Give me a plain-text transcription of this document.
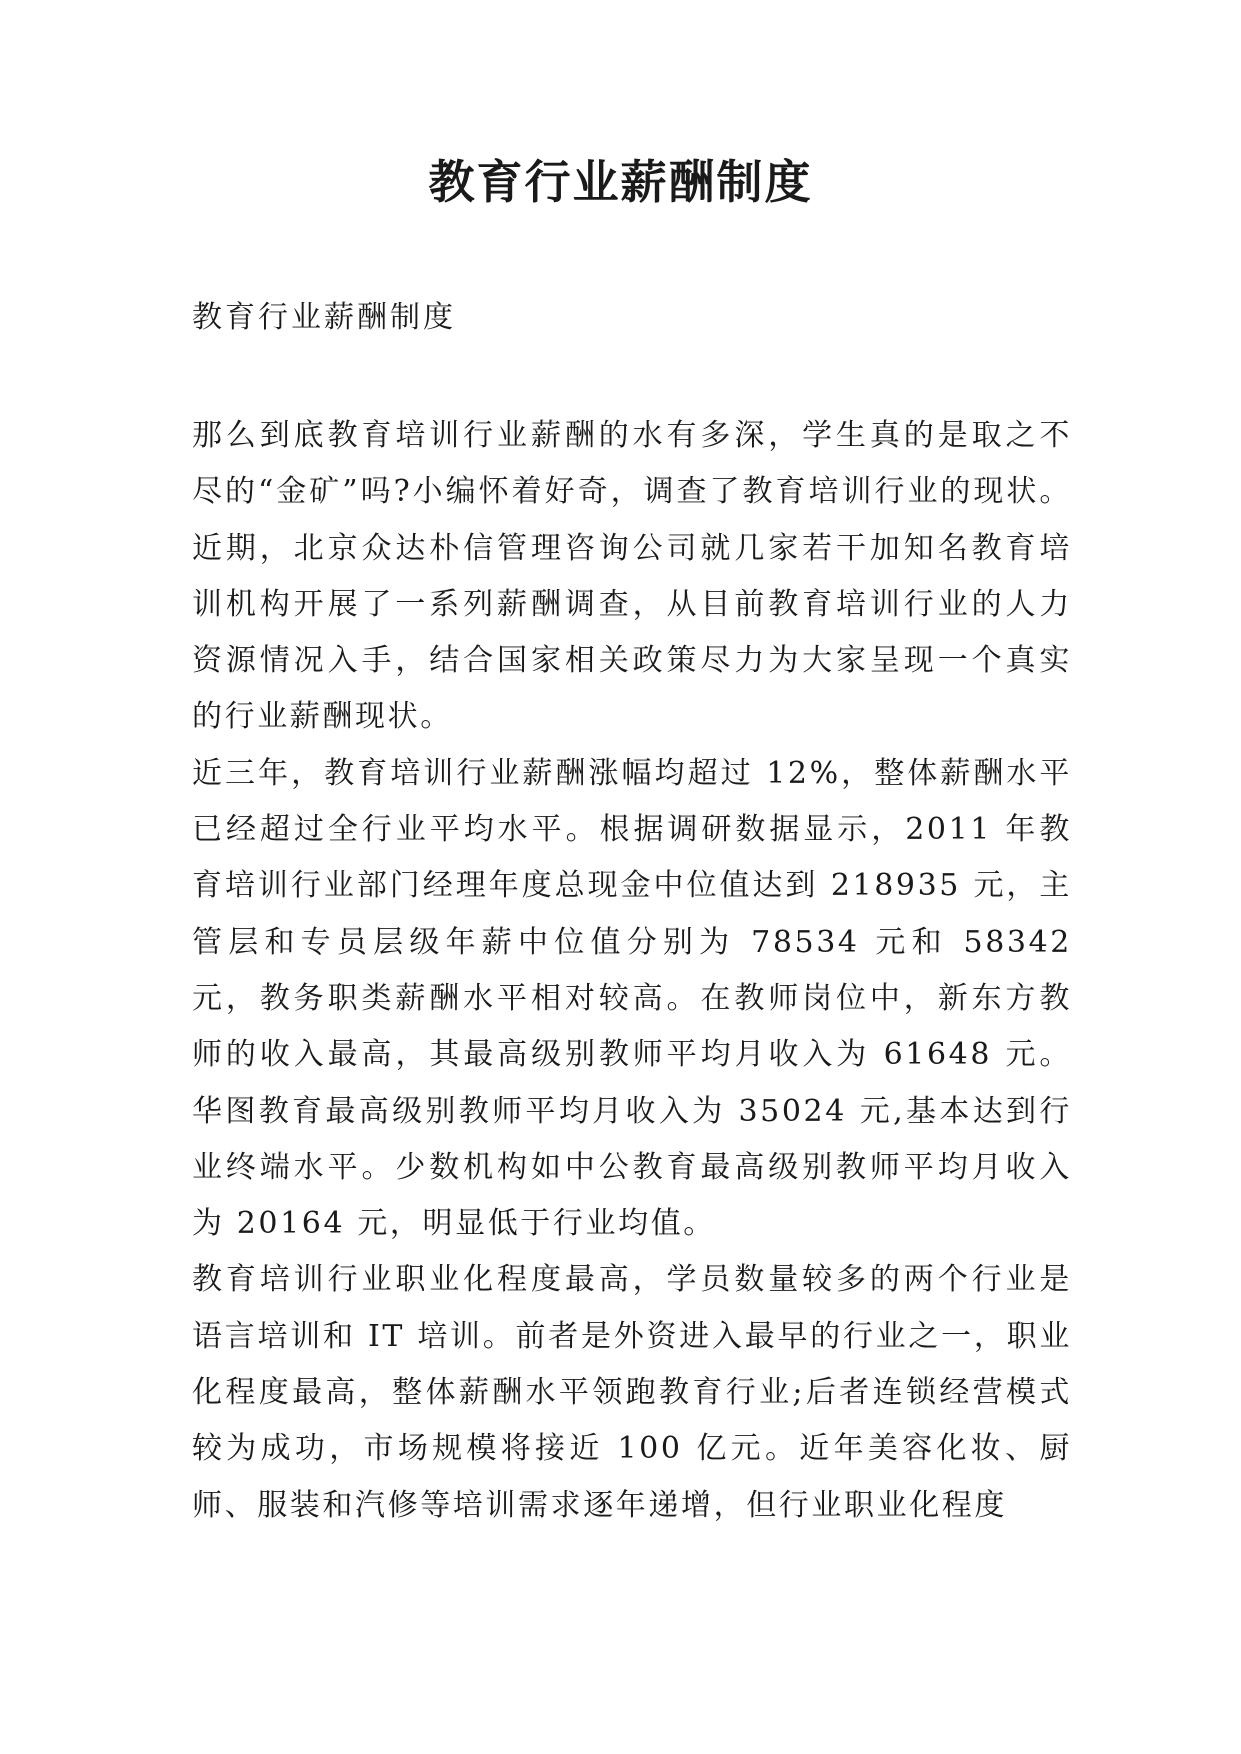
教育行业薪酬制度
教育行业薪酬制度

那么到底教育培训行业薪酬的水有多深，学生真的是取之不尽的“金矿”吗?小编怀着好奇，调查了教育培训行业的现状。近期，北京众达朴信管理咨询公司就几家若干加知名教育培训机构开展了一系列薪酬调查，从目前教育培训行业的人力资源情况入手，结合国家相关政策尽力为大家呈现一个真实的行业薪酬现状。

近三年，教育培训行业薪酬涨幅均超过 12%，整体薪酬水平已经超过全行业平均水平。根据调研数据显示，2011 年教育培训行业部门经理年度总现金中位值达到 218935 元，主管层和专员层级年薪中位值分别为 78534 元和 58342 元，教务职类薪酬水平相对较高。在教师岗位中，新东方教师的收入最高，其最高级别教师平均月收入为 61648 元。华图教育最高级别教师平均月收入为 35024 元,基本达到行业终端水平。少数机构如中公教育最高级别教师平均月收入为 20164 元，明显低于行业均值。

教育培训行业职业化程度最高，学员数量较多的两个行业是语言培训和 IT 培训。前者是外资进入最早的行业之一，职业化程度最高，整体薪酬水平领跑教育行业;后者连锁经营模式较为成功，市场规模将接近 100 亿元。近年美容化妆、厨师、服装和汽修等培训需求逐年递增，但行业职业化程度
